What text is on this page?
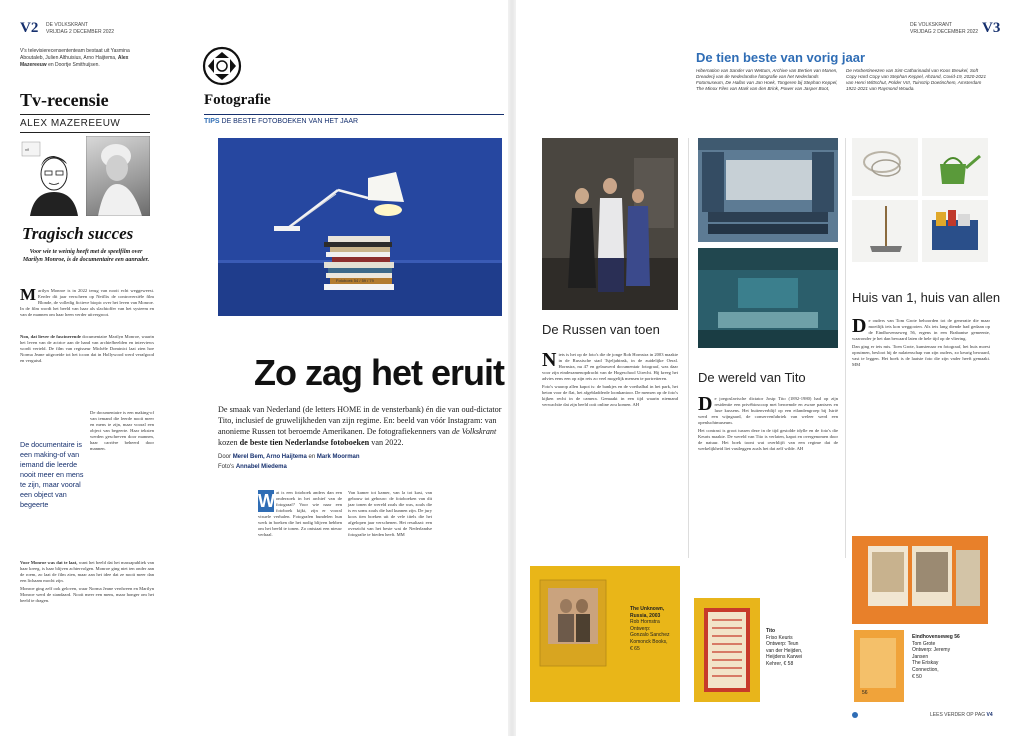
V2 DE VOLKSKRANT
VRIJDAG 2 DECEMBER 2022
V's televisierecensententeam bestaat uit Yasmina Aboutaleb, Julien Althuisius, Arno Haijtema, Alex Mazereeuw en Doortje Smithuijsen.
Tv-recensie
ALEX MAZEREEUW
nfl
Tragisch succes
Voor wie te weinig heeft met de speelfilm over Marilyn Monroe, is de documentaire een aanrader.

Marilyn Monroe is in 2022 terug van nooit echt weggeweest. Eerder dit jaar verscheen op Netflix de controversiële film Blonde, de volledig fictieve biopic over het leven van Monroe. In de film wordt het beeld van haar als slachtoffer van het systeem en van de mannen om haar heen verder uitvergroot.

Non, dat liever de fascinerende documentaire Marilyn Monroe, waarin het leven van de actrice aan de hand van archiefbeelden en interviews wordt verteld. De film van regisseur Michèle Dominici laat zien hoe Norma Jeane uitgroeide tot het icoon dat in Hollywood werd verafgood en verguisd.

De documentaire is een making-of van iemand die leerde nooit meer en mens te zijn, maar vooral een object van begeerte

De documentaire is een making-of van iemand die leerde nooit meer en mens te zijn, maar vooral een object van begeerte. Haar teksten werden geschreven door mannen, haar carrière beheerd door mannen.

Voor Monroe was dat te laat, want het beeld dat het massapubliek van haar kreeg, is haar blijven achtervolgen. Monroe ging niet ten onder aan de roem, zo laat de film zien, maar aan het idee dat ze nooit meer dan een lichaam mocht zijn.

Monroe ging zelf ook geloven, waar Norma Jeane verdween en Marilyn Monroe werd de standaard. Nooit meer een mens, maar honger om het beeld te dragen.

Fotografie
TIPS DE BESTE FOTOBOEKEN VAN HET JAAR
Fotoboek 54 / 59 / 79
Zo zag het eruit
De smaak van Nederland (de letters HOME in de vensterbank) én die van oud-dictator Tito, inclusief de gruwelijkheden van zijn regime. En: beeld van vóór Instagram: van anonieme Russen tot beroemde Amerikanen. De fotografiekenners van de Volkskrant kozen de beste tien Nederlandse fotoboeken van 2022.
Door Merel Bem, Arno Haijtema en Mark Moorman
Foto's Annabel Miedema

W at is een fotoboek anders dan een onderzoek in het archief van de fotograaf? Voor wie naar een fotoboek kijkt, zijn er vooral visuele verhalen. Fotografen bundelen hun werk in boeken die het nodig blijven hebben om het beeld te tonen. Zo ontstaat een nieuw verhaal.

Van kamer tot kamer, van la tot kast, van gebouw tot gebouw: de fotoboeken van dit jaar tonen de wereld zoals die was, zoals die is en soms zoals die had kunnen zijn. De jury koos tien boeken uit de vele titels die het afgelopen jaar verschenen. Het resultaat: een overzicht van het beste wat de Nederlandse fotografie te bieden heeft. MM

DE VOLKSKRANT
VRIJDAG 2 DECEMBER 2022 V3
De tien beste van vorig jaar
Hibernation van Sander van Wettum, Archive van Bertien van Manen, Dreaderij van de Nederlandse fotografie van het Nederlands Fotomuseum, De Hallas van Jan Hoek, Tongeren bij Stephan Keppel, The Minox Files van Mark van den Brink, Power van Jasper Boot,
De Horbertineezen van Sint-Catharinadal van Koos Breukel, Soft Copy Hard Copy van Stephan Keppel, Ahzand, Covid-19, 2020-2021 van Henri Wittschut, Polder VIII, Tuinstrip Doetinchem, Amsterdam 1921-2021 van Raymond Wouda.
De Russen van toen

Niets is het op de foto's die de jonge Rob Hornstra in 2003 maakte in de Russische stad Tsjeljabinsk, in de zuidelijke Oeral. Hornstra, nu 47 en gelauwerd documentair fotograaf, was daar voor zijn eindexamenopdracht van de Hogeschool Utrecht. Hij kreeg het advies eens een op zijn reis zo veel mogelijk mensen te portretteren.

Foto's waarop allen kapot is: de bankjes en de voetbalbal in het park, het beton voor de flat, het afgebladderde loonkantoor. De mensen op de foto's kijken recht in de camera. Gemaakt in een tijd waarin niemand verwachtte dat zijn beeld ooit online zou komen. AH

The Unknown, Russia, 2003
Rob Hornstra
Ontwerp:
Gonzalo Sanchez
Komonck Books,
€ 65
De wereld van Tito

De joegoslavische dictator Josip Tito (1892-1980) had op zijn residentie een privébioscoop met beroemde en zware pantsers en luxe kussens. Het buitenverblijf op een eilandengroep bij Istrië werd een wijngaard, de conservenfabriek van weleer werd een openluchtmuseum.

Het contrast is groot tussen deze in de tijd gestolde idylle en de foto's die Keurts maakte. De wereld van Tito is verlaten, kapot en overgenomen door de natuur. Het boek toont wat overblijft van een regime dat de werkelijkheid liet vastleggen zoals het dat zelf wilde. AH

Tito
Friso Keuris
Ontwerp: Teun
van der Heijden,
Heijdens Karwei
Kehrer, € 58
Huis van 1, huis van allen

De ouders van Tom Grote behoorden tot de generatie die maar moeilijk iets kon weggooien. Als iets lang diende had gedaan op de Eindhovenseweg 56, ergens in een Brabantse gemeente, waaronder je het dan bewaard laten de hele tijd op de vliering.

Dan ging er iets mis. Toen Grote, kunstenaar en fotograaf, het huis moest opruimen, besloot hij de nalatenschap van zijn ouders, zo keurig bewaard, vast te leggen. Het boek is de laatste foto die zijn vader heeft gemaakt. MM

56
Eindhovenseweg 56
Tom Grote
Ontwerp: Jeremy
Jansen
The Eriskay
Connection,
€ 50
LEES VERDER OP PAG V4
